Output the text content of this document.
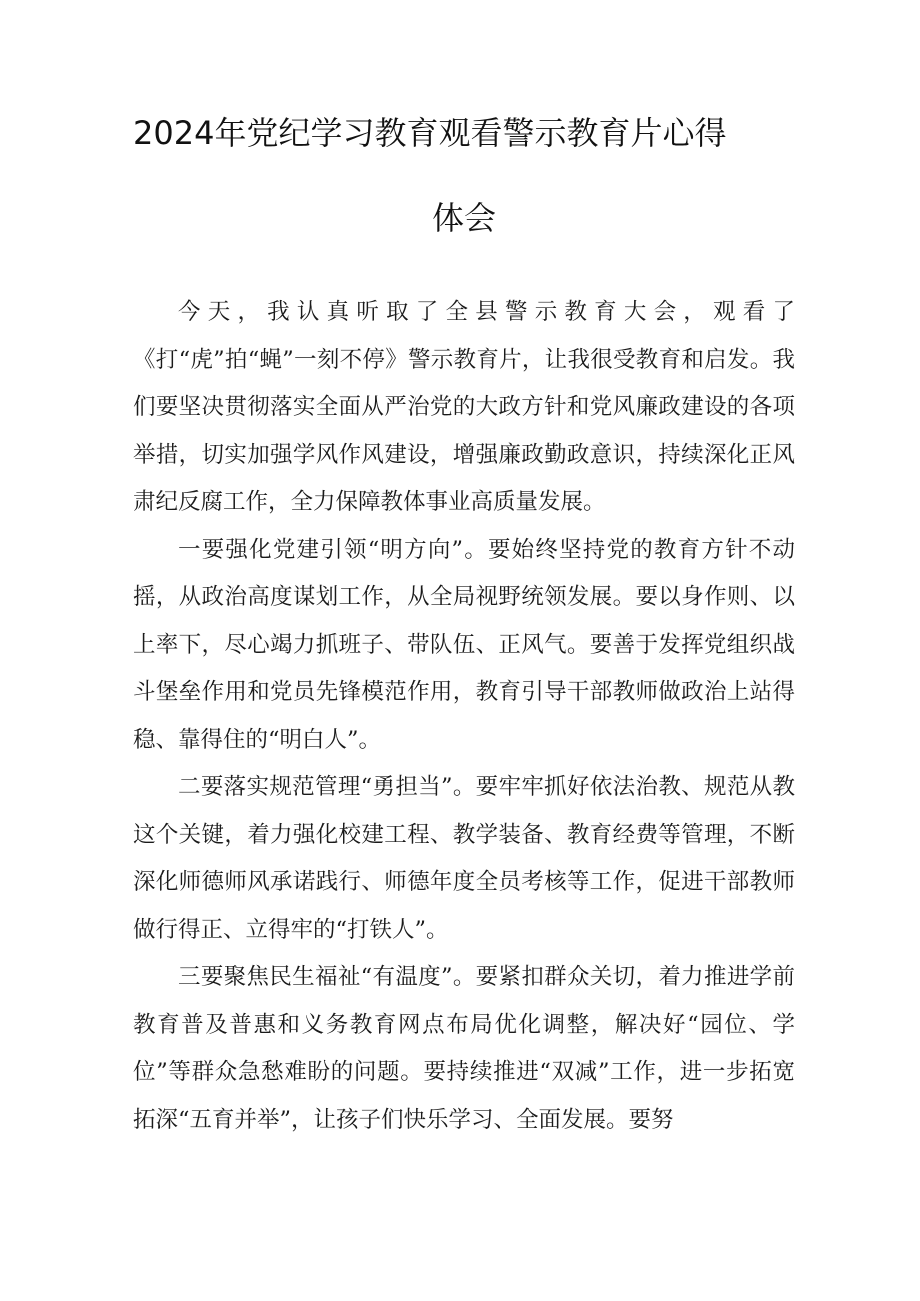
2024年党纪学习教育观看警示教育片心得
体会

今天，我认真听取了全县警示教育大会，观看了《打“虎”拍“蝇”一刻不停》警示教育片，让我很受教育和启发。我们要坚决贯彻落实全面从严治党的大政方针和党风廉政建设的各项举措，切实加强学风作风建设，增强廉政勤政意识，持续深化正风肃纪反腐工作，全力保障教体事业高质量发展。

一要强化党建引领“明方向”。要始终坚持党的教育方针不动摇，从政治高度谋划工作，从全局视野统领发展。要以身作则、以上率下，尽心竭力抓班子、带队伍、正风气。要善于发挥党组织战斗堡垒作用和党员先锋模范作用，教育引导干部教师做政治上站得稳、靠得住的“明白人”。

二要落实规范管理“勇担当”。要牢牢抓好依法治教、规范从教这个关键，着力强化校建工程、教学装备、教育经费等管理，不断深化师德师风承诺践行、师德年度全员考核等工作，促进干部教师做行得正、立得牢的“打铁人”。

三要聚焦民生福祉“有温度”。要紧扣群众关切，着力推进学前教育普及普惠和义务教育网点布局优化调整，解决好“园位、学位”等群众急愁难盼的问题。要持续推进“双减”工作，进一步拓宽拓深“五育并举”，让孩子们快乐学习、全面发展。要努
